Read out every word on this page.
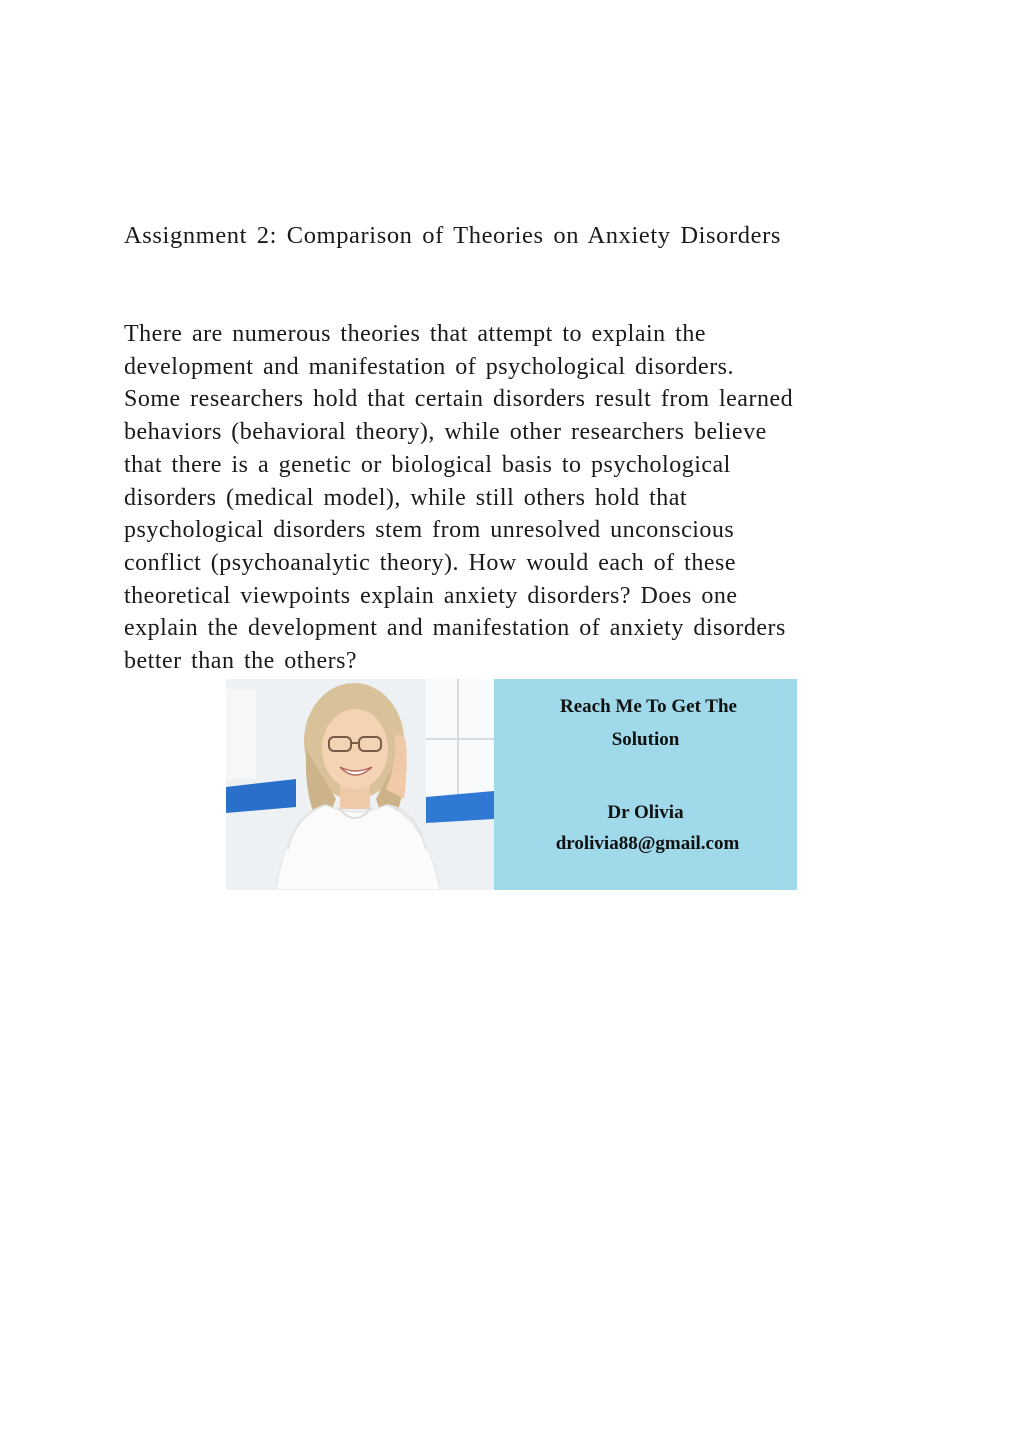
Assignment 2: Comparison of Theories on Anxiety Disorders
There are numerous theories that attempt to explain the
development and manifestation of psychological disorders.
Some researchers hold that certain disorders result from learned
behaviors (behavioral theory), while other researchers believe
that there is a genetic or biological basis to psychological
disorders (medical model), while still others hold that
psychological disorders stem from unresolved unconscious
conflict (psychoanalytic theory). How would each of these
theoretical viewpoints explain anxiety disorders? Does one
explain the development and manifestation of anxiety disorders
better than the others?
Reach Me To Get The
Solution
Dr Olivia
drolivia88@gmail.com
